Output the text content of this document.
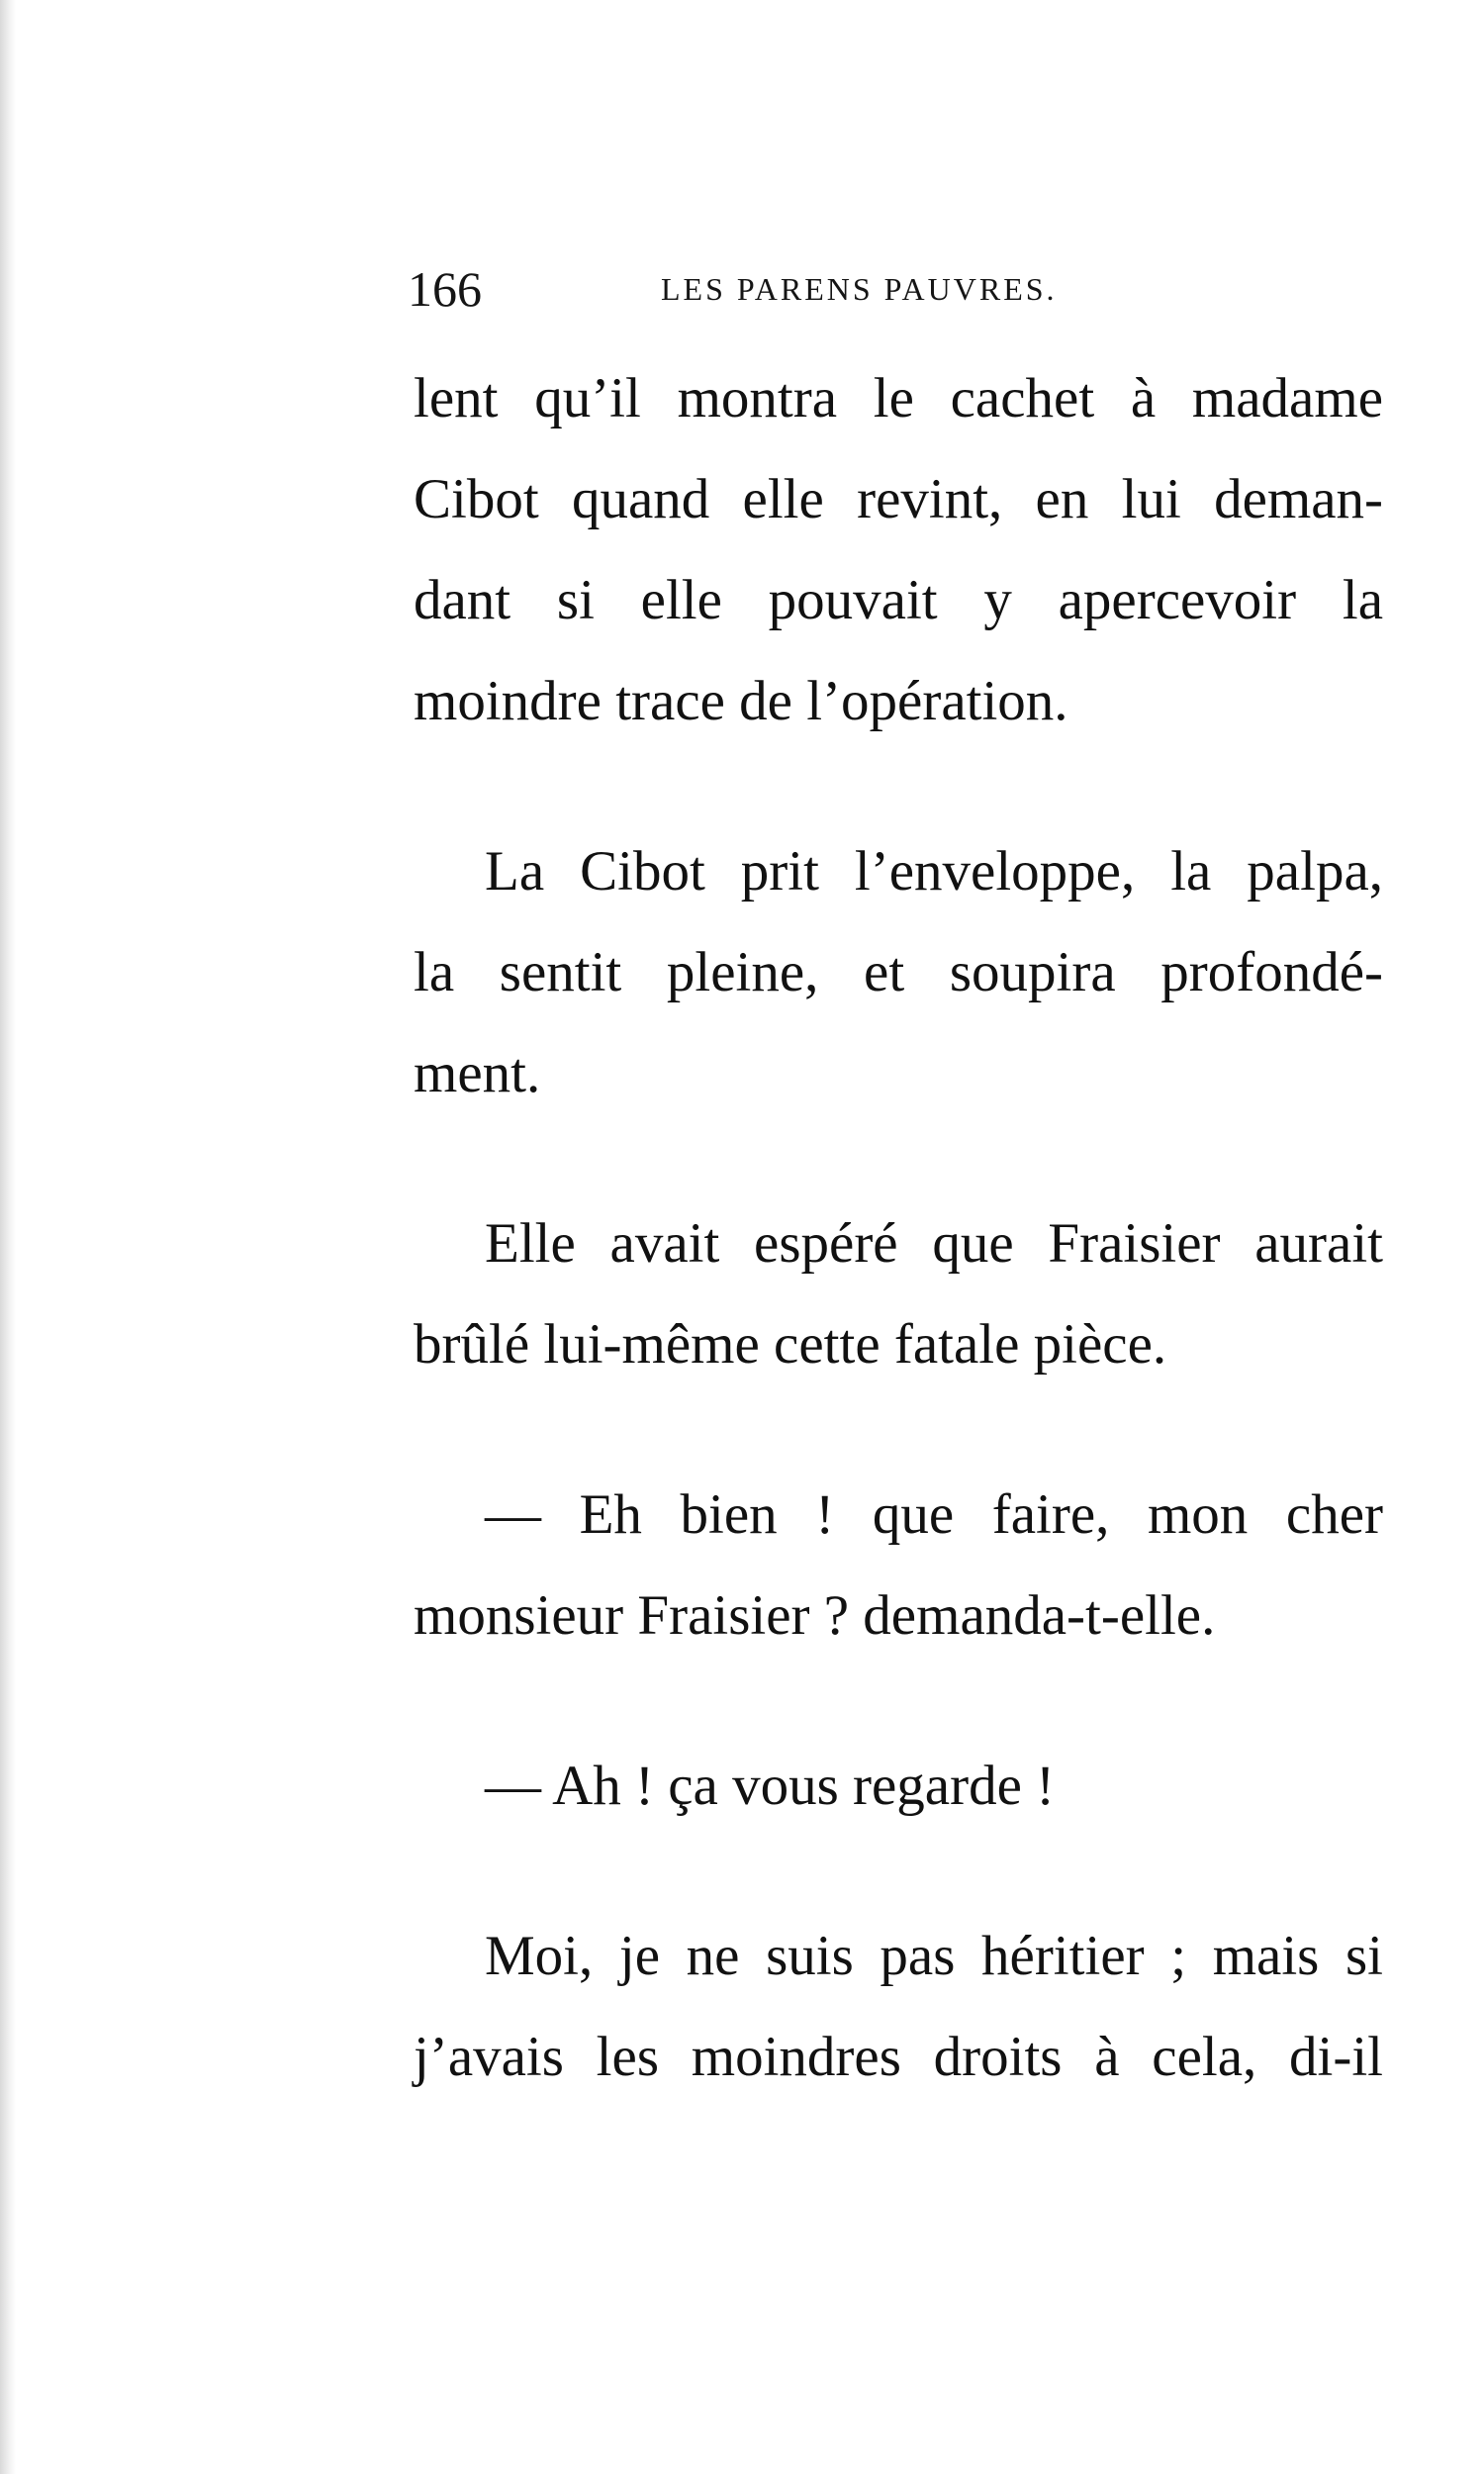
166	LES PARENS PAUVRES.

lent qu’il montra le cachet à madame
Cibot quand elle revint, en lui deman-
dant si elle pouvait y apercevoir la
moindre trace de l’opération.

La Cibot prit l’enveloppe, la palpa,
la sentit pleine, et soupira profondé-
ment.

Elle avait espéré que Fraisier aurait
brûlé lui-même cette fatale pièce.

— Eh bien ! que faire, mon cher
monsieur Fraisier ? demanda-t-elle.

— Ah ! ça vous regarde !

Moi, je ne suis pas héritier ; mais si
j’avais les moindres droits à cela, di-il
